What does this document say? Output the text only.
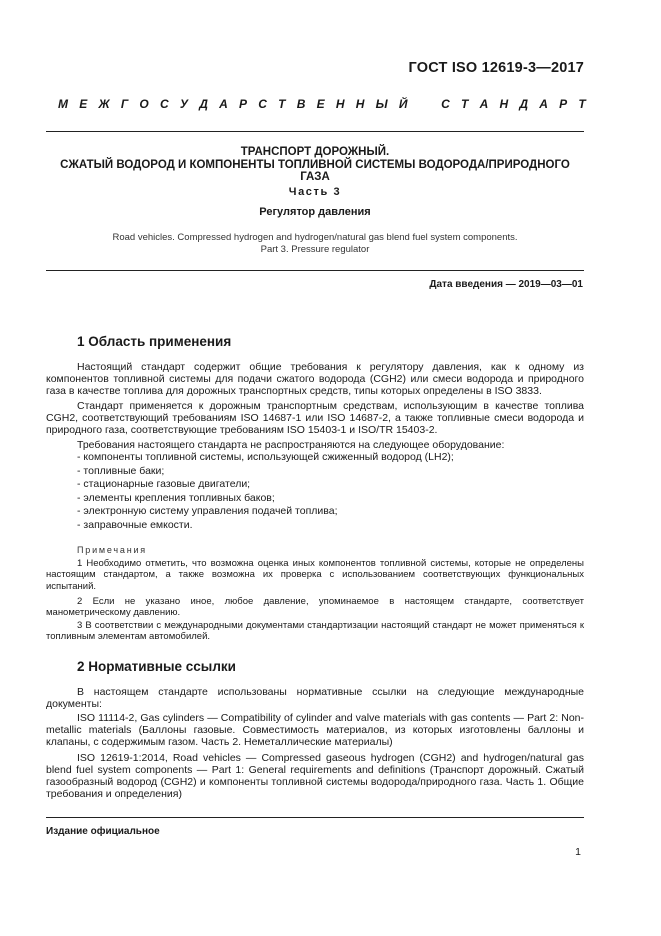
ГОСТ ISO 12619-3—2017
М Е Ж Г О С У Д А Р С Т В Е Н Н Ы Й	С Т А Н Д А Р Т
ТРАНСПОРТ ДОРОЖНЫЙ.
СЖАТЫЙ ВОДОРОД И КОМПОНЕНТЫ ТОПЛИВНОЙ СИСТЕМЫ ВОДОРОДА/ПРИРОДНОГО ГАЗА
Часть 3
Регулятор давления
Road vehicles. Compressed hydrogen and hydrogen/natural gas blend fuel system components.
Part 3. Pressure regulator
Дата введения — 2019—03—01
1 Область применения

Настоящий стандарт содержит общие требования к регулятору давления, как к одному из компонентов топливной системы для подачи сжатого водорода (CGH2) или смеси водорода и природного газа в качестве топлива для дорожных транспортных средств, типы которых определены в ISO 3833.

Стандарт применяется к дорожным транспортным средствам, использующим в качестве топлива CGH2, соответствующий требованиям ISO 14687-1 или ISO 14687-2, а также топливные смеси водорода и природного газа, соответствующие требованиям ISO 15403-1 и ISO/TR 15403-2.

Требования настоящего стандарта не распространяются на следующее оборудование:

- компоненты топливной системы, использующей сжиженный водород (LH2);

- топливные баки;

- стационарные газовые двигатели;

- элементы крепления топливных баков;

- электронную систему управления подачей топлива;

- заправочные емкости.

Примечания

1 Необходимо отметить, что возможна оценка иных компонентов топливной системы, которые не определены настоящим стандартом, а также возможна их проверка с использованием соответствующих функциональных испытаний.

2 Если не указано иное, любое давление, упоминаемое в настоящем стандарте, соответствует манометрическому давлению.

3 В соответствии с международными документами стандартизации настоящий стандарт не может применяться к топливным элементам автомобилей.

2 Нормативные ссылки

В настоящем стандарте использованы нормативные ссылки на следующие международные документы:

ISO 11114-2, Gas cylinders — Compatibility of cylinder and valve materials with gas contents — Part 2: Non-metallic materials (Баллоны газовые. Совместимость материалов, из которых изготовлены баллоны и клапаны, с содержимым газом. Часть 2. Неметаллические материалы)

ISO 12619-1:2014, Road vehicles — Compressed gaseous hydrogen (CGH2) and hydrogen/natural gas blend fuel system components — Part 1: General requirements and definitions (Транспорт дорожный. Сжатый газообразный водород (CGH2) и компоненты топливной системы водорода/природного газа. Часть 1. Общие требования и определения)

Издание официальное
1
